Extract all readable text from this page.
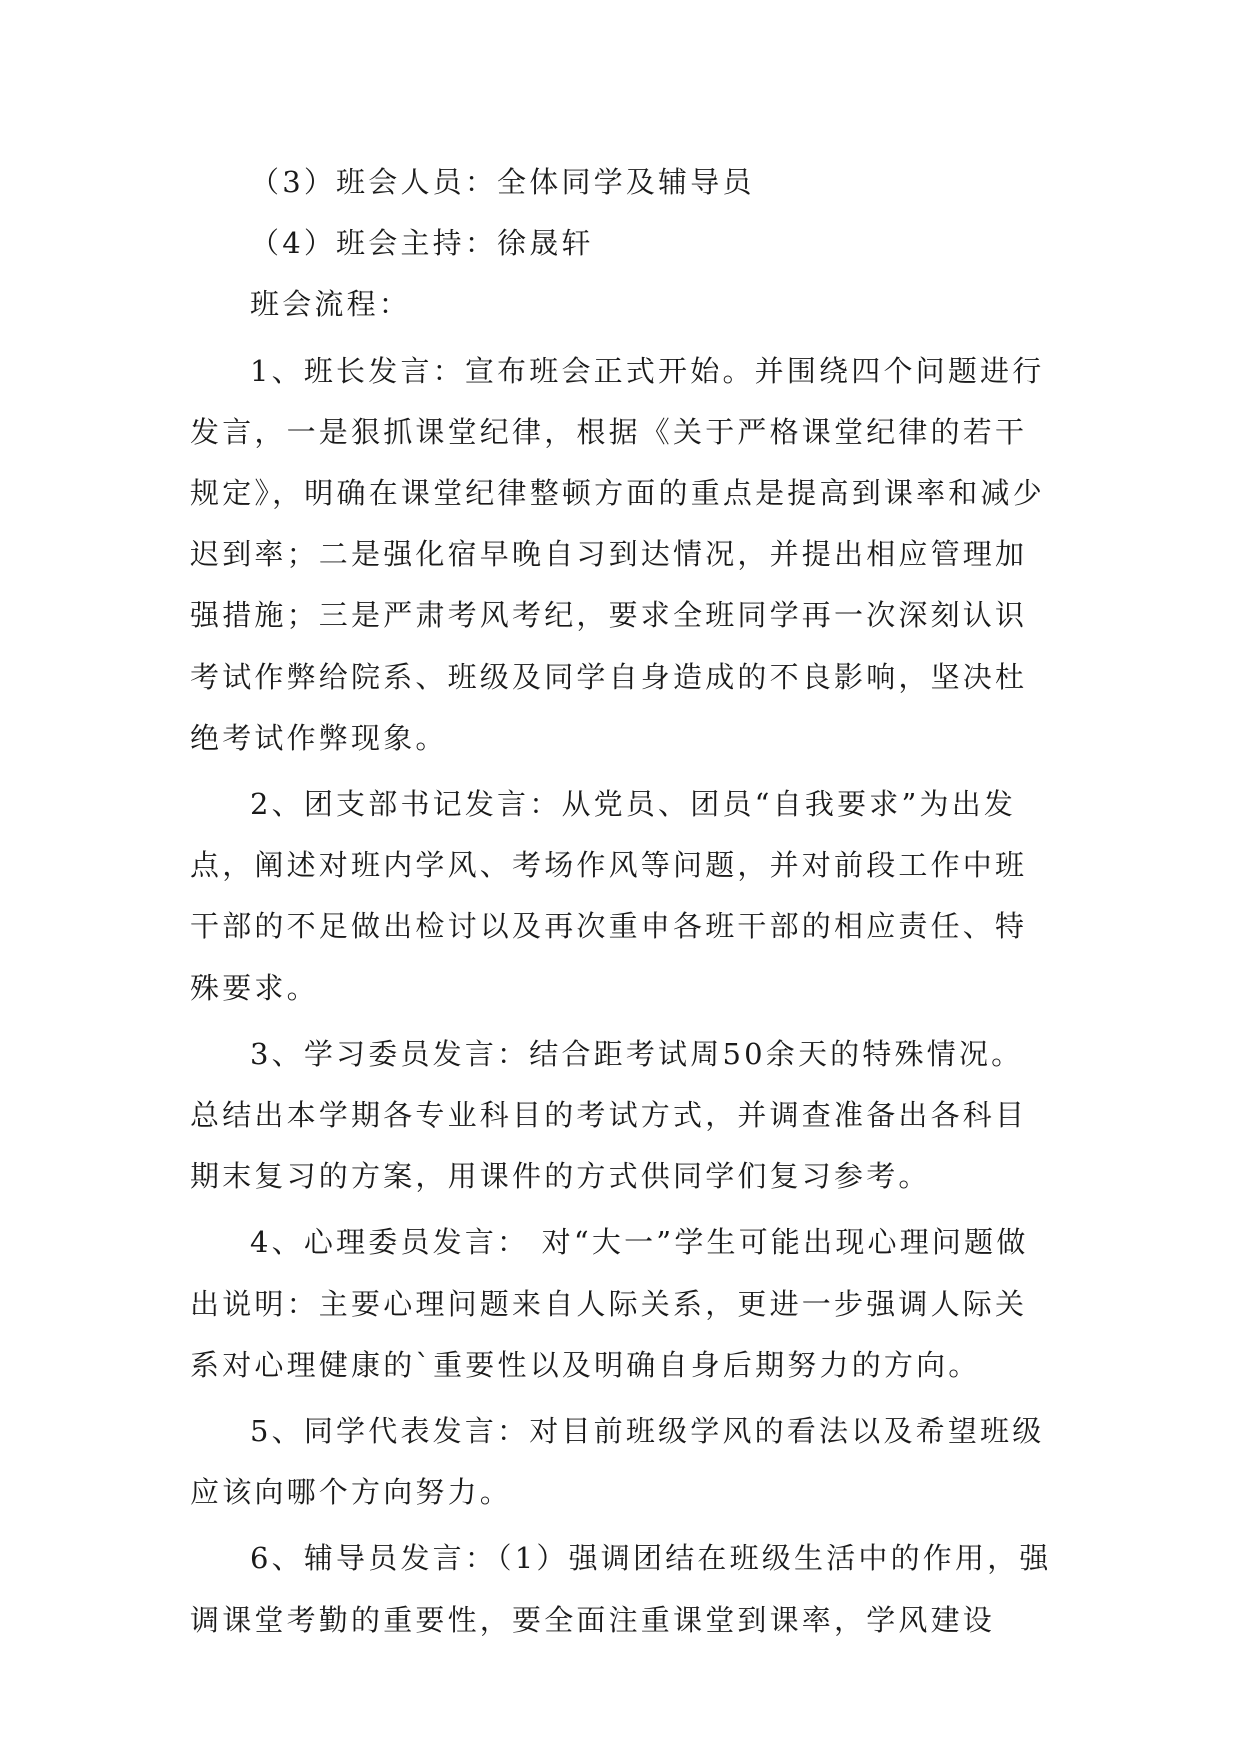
（3）班会人员：全体同学及辅导员

（4）班会主持：徐晟轩

班会流程：

1、班长发言：宣布班会正式开始。并围绕四个问题进行发言，一是狠抓课堂纪律，根据《关于严格课堂纪律的若干规定》，明确在课堂纪律整顿方面的重点是提高到课率和减少迟到率；二是强化宿早晚自习到达情况，并提出相应管理加强措施；三是严肃考风考纪，要求全班同学再一次深刻认识考试作弊给院系、班级及同学自身造成的不良影响，坚决杜绝考试作弊现象。

2、团支部书记发言：从党员、团员“自我要求”为出发点，阐述对班内学风、考场作风等问题，并对前段工作中班干部的不足做出检讨以及再次重申各班干部的相应责任、特殊要求。

3、学习委员发言：结合距考试周50余天的特殊情况。总结出本学期各专业科目的考试方式，并调查准备出各科目期末复习的方案，用课件的方式供同学们复习参考。

4、心理委员发言： 对“大一”学生可能出现心理问题做出说明：主要心理问题来自人际关系，更进一步强调人际关系对心理健康的`重要性以及明确自身后期努力的方向。

5、同学代表发言：对目前班级学风的看法以及希望班级应该向哪个方向努力。

6、辅导员发言：（1）强调团结在班级生活中的作用，强调课堂考勤的重要性，要全面注重课堂到课率，学风建设
